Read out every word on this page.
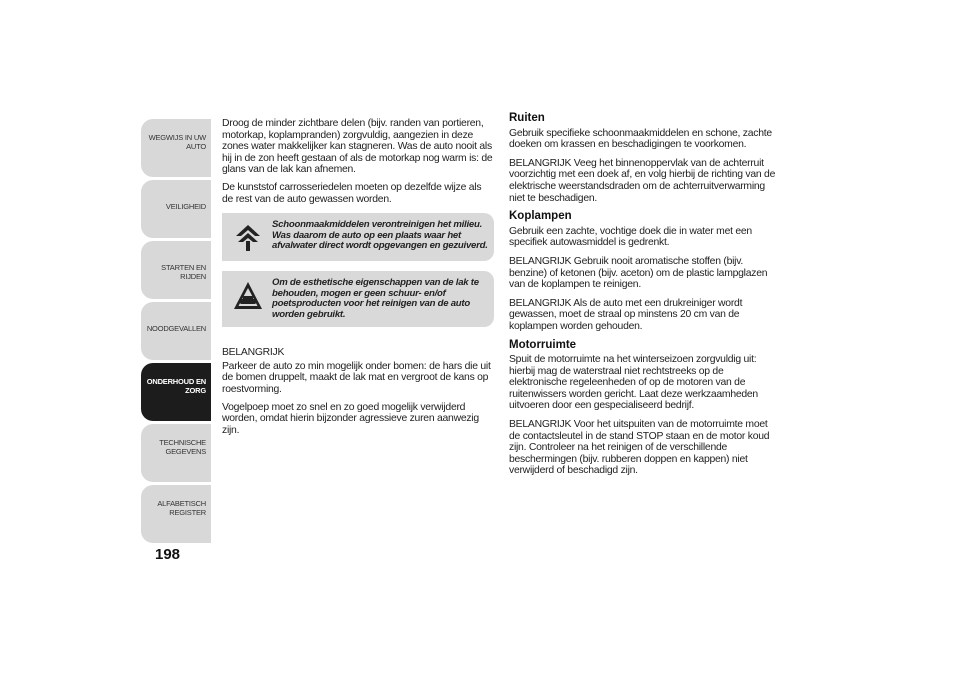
WEGWIJS IN UW
AUTO
VEILIGHEID
STARTEN EN RIJDEN
NOODGEVALLEN
ONDERHOUD EN
ZORG
TECHNISCHE
GEGEVENS
ALFABETISCH
REGISTER
198

Droog de minder zichtbare delen (bijv. randen van portieren, motorkap, koplampranden) zorgvuldig, aangezien in deze zones water makkelijker kan stagneren. Was de auto nooit als hij in de zon heeft gestaan of als de motorkap nog warm is: de glans van de lak kan afnemen.

De kunststof carrosseriedelen moeten op dezelfde wijze als de rest van de auto gewassen worden.

Schoonmaakmiddelen verontreinigen het milieu. Was daarom de auto op een plaats waar het afvalwater direct wordt opgevangen en gezuiverd.
Om de esthetische eigenschappen van de lak te behouden, mogen er geen schuur- en/of poetsproducten voor het reinigen van de auto worden gebruikt.

BELANGRIJK

Parkeer de auto zo min mogelijk onder bomen: de hars die uit de bomen druppelt, maakt de lak mat en vergroot de kans op roestvorming.

Vogelpoep moet zo snel en zo goed mogelijk verwijderd worden, omdat hierin bijzonder agressieve zuren aanwezig zijn.

Ruiten

Gebruik specifieke schoonmaakmiddelen en schone, zachte doeken om krassen en beschadigingen te voorkomen.

BELANGRIJK Veeg het binnenoppervlak van de achterruit voorzichtig met een doek af, en volg hierbij de richting van de elektrische weerstandsdraden om de achterruitverwarming niet te beschadigen.

Koplampen

Gebruik een zachte, vochtige doek die in water met een specifiek autowasmiddel is gedrenkt.

BELANGRIJK Gebruik nooit aromatische stoffen (bijv. benzine) of ketonen (bijv. aceton) om de plastic lampglazen van de koplampen te reinigen.

BELANGRIJK Als de auto met een drukreiniger wordt gewassen, moet de straal op minstens 20 cm van de koplampen worden gehouden.

Motorruimte

Spuit de motorruimte na het winterseizoen zorgvuldig uit: hierbij mag de waterstraal niet rechtstreeks op de elektronische regeleenheden of op de motoren van de ruitenwissers worden gericht. Laat deze werkzaamheden uitvoeren door een gespecialiseerd bedrijf.

BELANGRIJK Voor het uitspuiten van de motorruimte moet de contactsleutel in de stand STOP staan en de motor koud zijn. Controleer na het reinigen of de verschillende beschermingen (bijv. rubberen doppen en kappen) niet verwijderd of beschadigd zijn.
